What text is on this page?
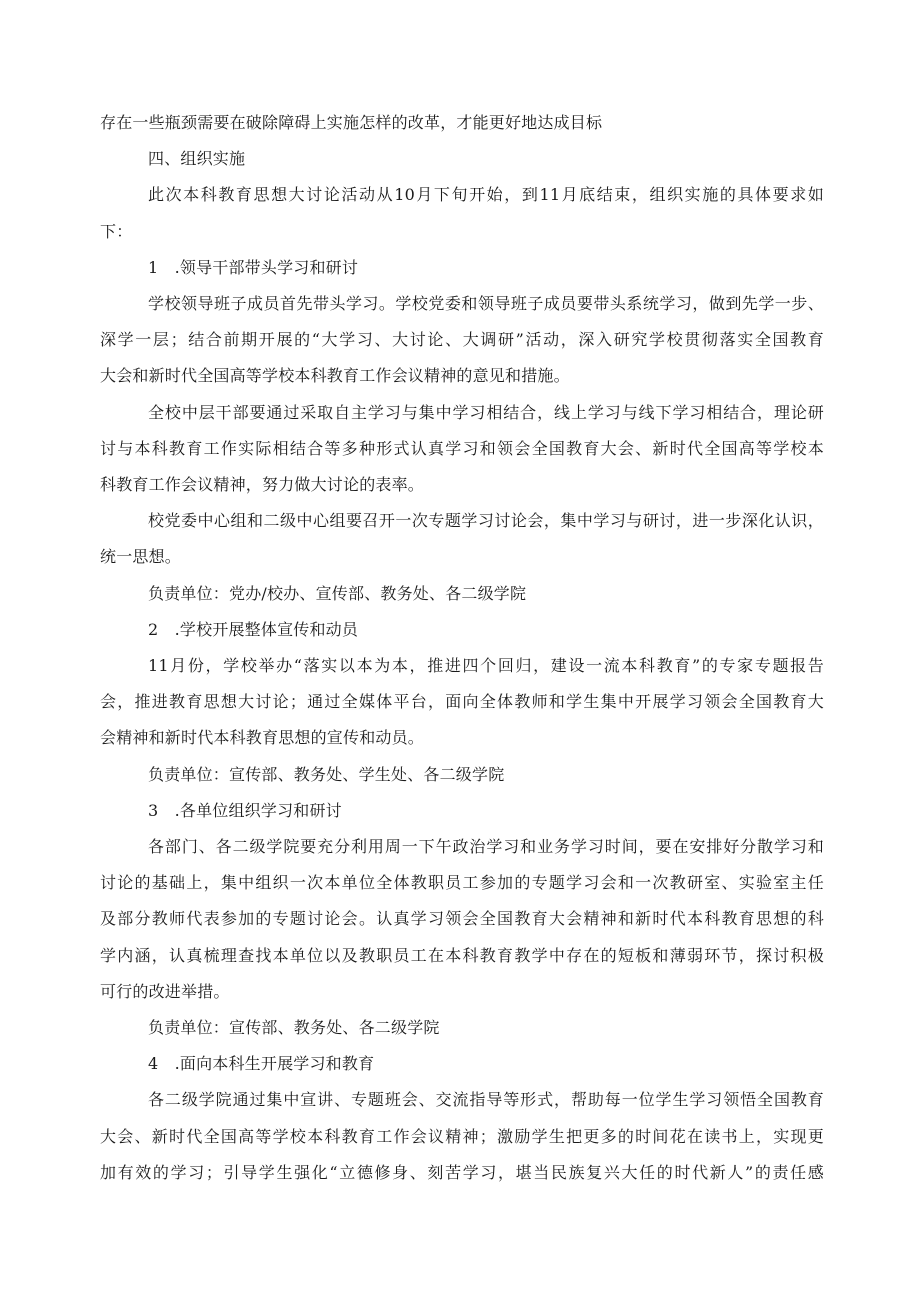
存在一些瓶颈需要在破除障碍上实施怎样的改革，才能更好地达成目标

四、组织实施

此次本科教育思想大讨论活动从10月下旬开始，到11月底结束，组织实施的具体要求如

下：

1　.领导干部带头学习和研讨

学校领导班子成员首先带头学习。学校党委和领导班子成员要带头系统学习，做到先学一步、

深学一层；结合前期开展的“大学习、大讨论、大调研”活动，深入研究学校贯彻落实全国教育

大会和新时代全国高等学校本科教育工作会议精神的意见和措施。

全校中层干部要通过采取自主学习与集中学习相结合，线上学习与线下学习相结合，理论研

讨与本科教育工作实际相结合等多种形式认真学习和领会全国教育大会、新时代全国高等学校本

科教育工作会议精神，努力做大讨论的表率。

校党委中心组和二级中心组要召开一次专题学习讨论会，集中学习与研讨，进一步深化认识，

统一思想。

负责单位：党办/校办、宣传部、教务处、各二级学院

2　.学校开展整体宣传和动员

11月份，学校举办“落实以本为本，推进四个回归，建设一流本科教育”的专家专题报告

会，推进教育思想大讨论；通过全媒体平台，面向全体教师和学生集中开展学习领会全国教育大

会精神和新时代本科教育思想的宣传和动员。

负责单位：宣传部、教务处、学生处、各二级学院

3　.各单位组织学习和研讨

各部门、各二级学院要充分利用周一下午政治学习和业务学习时间，要在安排好分散学习和

讨论的基础上，集中组织一次本单位全体教职员工参加的专题学习会和一次教研室、实验室主任

及部分教师代表参加的专题讨论会。认真学习领会全国教育大会精神和新时代本科教育思想的科

学内涵，认真梳理查找本单位以及教职员工在本科教育教学中存在的短板和薄弱环节，探讨积极

可行的改进举措。

负责单位：宣传部、教务处、各二级学院

4　.面向本科生开展学习和教育

各二级学院通过集中宣讲、专题班会、交流指导等形式，帮助每一位学生学习领悟全国教育

大会、新时代全国高等学校本科教育工作会议精神；激励学生把更多的时间花在读书上，实现更

加有效的学习；引导学生强化“立德修身、刻苦学习，堪当民族复兴大任的时代新人”的责任感
